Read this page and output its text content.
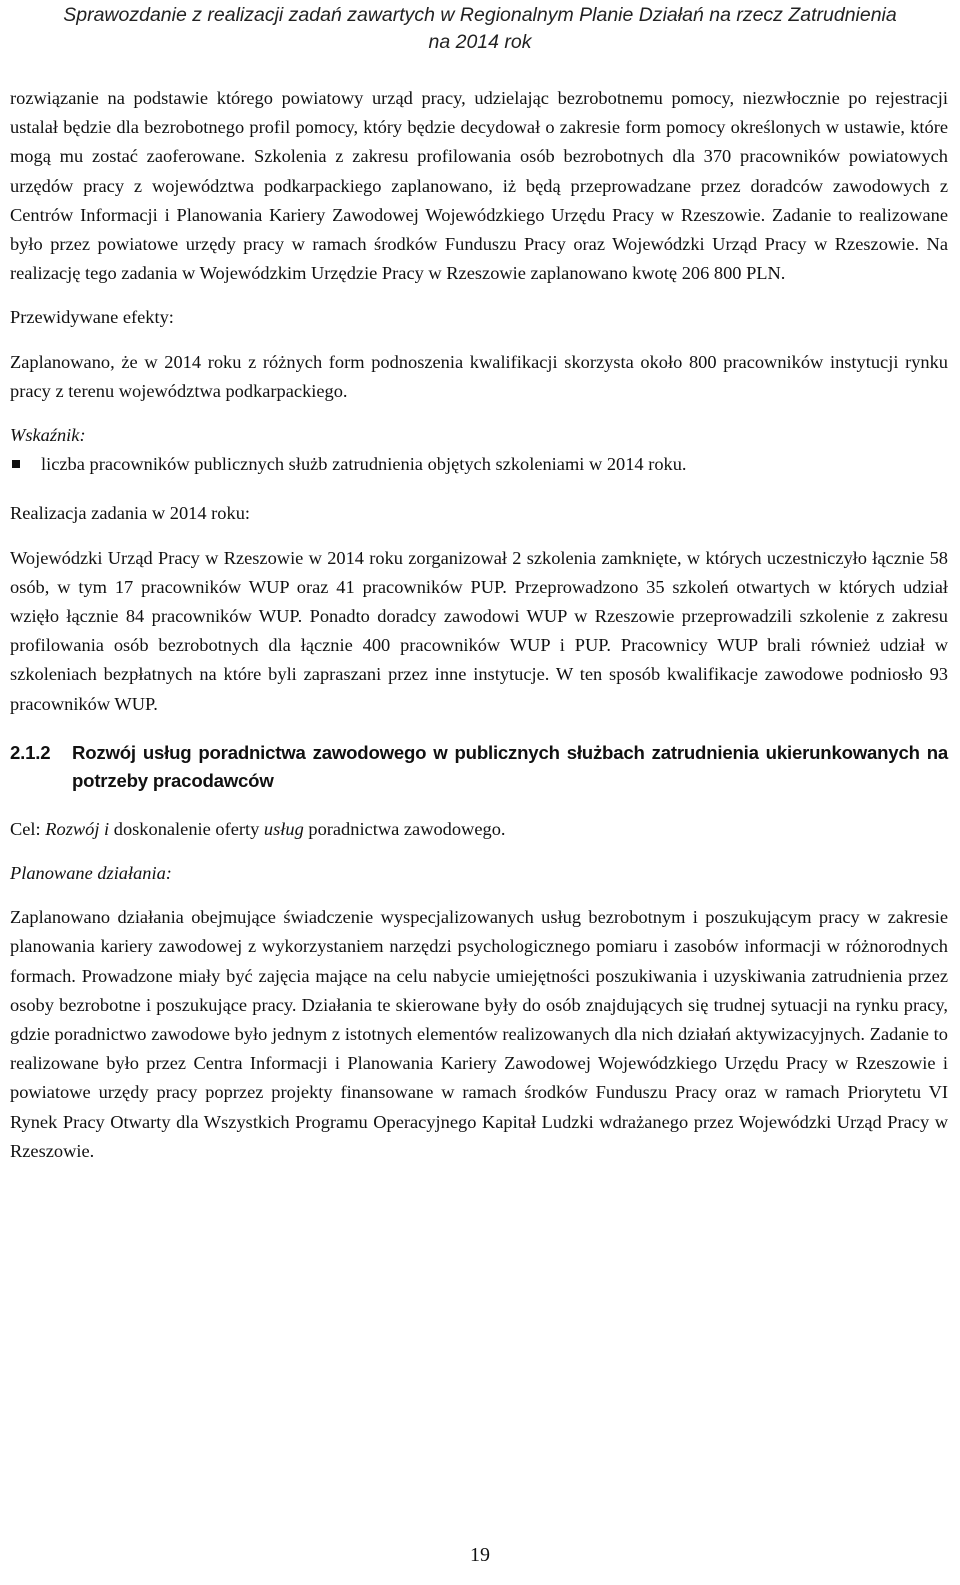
Sprawozdanie z realizacji zadań zawartych w Regionalnym Planie Działań na rzecz Zatrudnienia
na 2014 rok

rozwiązanie na podstawie którego powiatowy urząd pracy, udzielając bezrobotnemu pomocy, niezwłocznie po rejestracji ustalał będzie dla bezrobotnego profil pomocy, który będzie decydował o zakresie form pomocy określonych w ustawie, które mogą mu zostać zaoferowane. Szkolenia z zakresu profilowania osób bezrobotnych dla 370 pracowników powiatowych urzędów pracy z województwa podkarpackiego zaplanowano, iż będą przeprowadzane przez doradców zawodowych z Centrów Informacji i Planowania Kariery Zawodowej Wojewódzkiego Urzędu Pracy w Rzeszowie. Zadanie to realizowane było przez powiatowe urzędy pracy w ramach środków Funduszu Pracy oraz Wojewódzki Urząd Pracy w Rzeszowie. Na realizację tego zadania w Wojewódzkim Urzędzie Pracy w Rzeszowie zaplanowano kwotę 206 800 PLN.

Przewidywane efekty:

Zaplanowano, że w 2014 roku z różnych form podnoszenia kwalifikacji skorzysta około 800 pracowników instytucji rynku pracy z terenu województwa podkarpackiego.

Wskaźnik:

liczba pracowników publicznych służb zatrudnienia objętych szkoleniami w 2014 roku.

Realizacja zadania w 2014 roku:

Wojewódzki Urząd Pracy w Rzeszowie w 2014 roku zorganizował 2 szkolenia zamknięte, w których uczestniczyło łącznie 58 osób, w tym 17 pracowników WUP oraz 41 pracowników PUP. Przeprowadzono 35 szkoleń otwartych w których udział wzięło łącznie 84 pracowników WUP. Ponadto doradcy zawodowi WUP w Rzeszowie przeprowadzili szkolenie z zakresu profilowania osób bezrobotnych dla łącznie 400 pracowników WUP i PUP. Pracownicy WUP brali również udział w szkoleniach bezpłatnych na które byli zapraszani przez inne instytucje. W ten sposób kwalifikacje zawodowe podniosło 93 pracowników WUP.

2.1.2 Rozwój usług poradnictwa zawodowego w publicznych służbach zatrudnienia ukierunkowanych na potrzeby pracodawców

Cel: Rozwój i doskonalenie oferty usług poradnictwa zawodowego.

Planowane działania:

Zaplanowano działania obejmujące świadczenie wyspecjalizowanych usług bezrobotnym i poszukującym pracy w zakresie planowania kariery zawodowej z wykorzystaniem narzędzi psychologicznego pomiaru i zasobów informacji w różnorodnych formach. Prowadzone miały być zajęcia mające na celu nabycie umiejętności poszukiwania i uzyskiwania zatrudnienia przez osoby bezrobotne i poszukujące pracy. Działania te skierowane były do osób znajdujących się trudnej sytuacji na rynku pracy, gdzie poradnictwo zawodowe było jednym z istotnych elementów realizowanych dla nich działań aktywizacyjnych. Zadanie to realizowane było przez Centra Informacji i Planowania Kariery Zawodowej Wojewódzkiego Urzędu Pracy w Rzeszowie i powiatowe urzędy pracy poprzez projekty finansowane w ramach środków Funduszu Pracy oraz w ramach Priorytetu VI Rynek Pracy Otwarty dla Wszystkich Programu Operacyjnego Kapitał Ludzki wdrażanego przez Wojewódzki Urząd Pracy w Rzeszowie.

19
